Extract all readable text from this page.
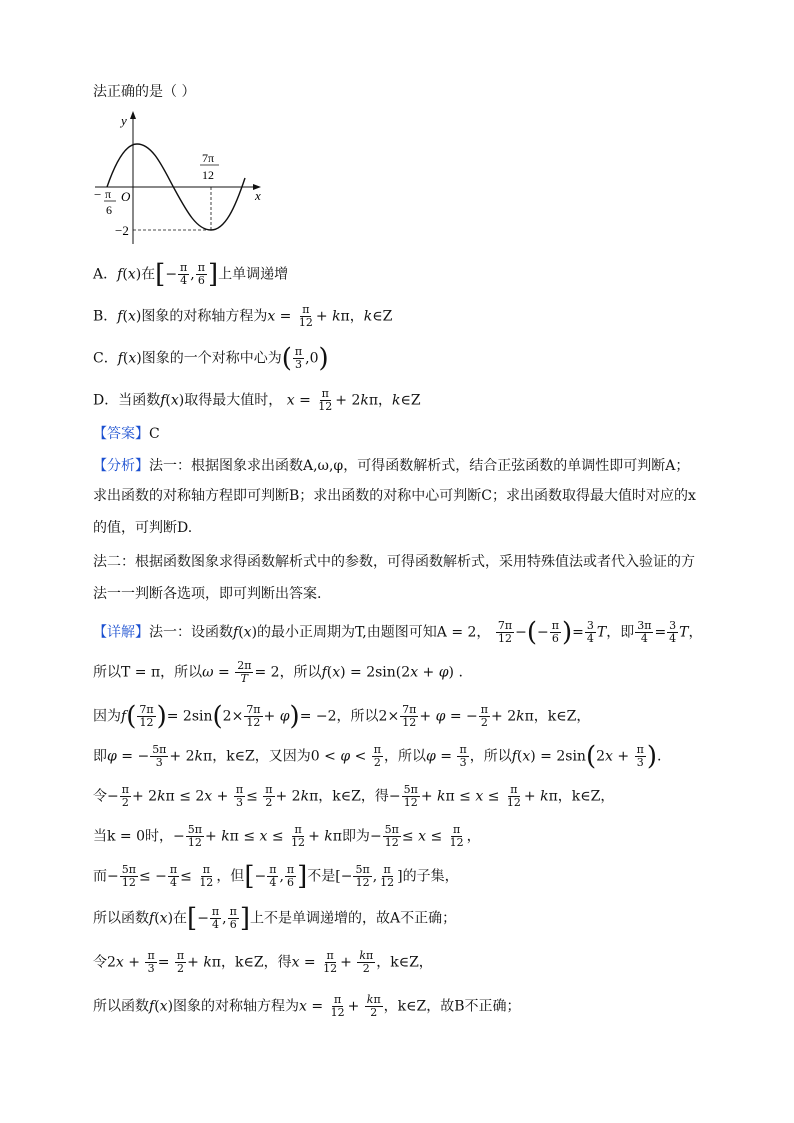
法正确的是（ ）
y
x
O
− π
6
7π
12
−2
A．f(x)在[− $\frac{\pi}{4}$ , $\frac{\pi}{6}$ ]上单调递增
B．f(x)图象的对称轴方程为$x = \frac{\pi}{12} + k\pi$，k∈Z
C．f(x)图象的一个对称中心为( $\frac{\pi}{3} ,0$)
D．当函数f(x)取得最大值时， $x = \frac{\pi}{12} + 2k\pi$，k∈Z
【答案】C
【分析】法一：根据图象求出函数A,ω,φ，可得函数解析式，结合正弦函数的单调性即可判断A；
求出函数的对称轴方程即可判断B；求出函数的对称中心可判断C；求出函数取得最大值时对应的x
的值，可判断D.
法二：根据函数图象求得函数解析式中的参数，可得函数解析式，采用特殊值法或者代入验证的方
法一一判断各选项，即可判断出答案.
【详解】法一：设函数f(x)的最小正周期为T,由题图可知A = 2， $\frac{7\pi}{12}$ −(− $\frac{\pi}{6}$ )= $\frac{3}{4}$ T，即 $\frac{3\pi}{4} = \frac{3}{4}$ T，
所以T = π，所以$\omega = \frac{2\pi}{T} = 2$，所以f(x) = 2sin(2x + φ) .
因为$f( \frac{7\pi}{12}$ )= $2\sin(2\times \frac{7\pi}{12} + \varphi)= -2$，所以$2\times \frac{7\pi}{12} + \varphi$ = − $\frac{\pi}{2} + 2k\pi$，k∈Z，
即φ = − $\frac{5\pi}{3} + 2k\pi$，k∈Z，又因为$0 < \varphi < \frac{\pi}{2}$ ，所以$\varphi = \frac{\pi}{3}$ ，所以$f(x) = 2\sin(2x + \frac{\pi}{3}$ ).
令− $\frac{\pi}{2} + 2k\pi \le 2x + \frac{\pi}{3} \le \frac{\pi}{2} + 2k\pi$，k∈Z，得− $\frac{5\pi}{12} + k\pi \le x \le \frac{\pi}{12} + k\pi$，k∈Z，
当k = 0时，− $\frac{5\pi}{12} + k\pi \le x \le \frac{\pi}{12} + k\pi$即为− $\frac{5\pi}{12} \le x \le \frac{\pi}{12}$ ，
而− $\frac{5\pi}{12}$ ≤ − $\frac{\pi}{4} \le \frac{\pi}{12}$ ，但[− $\frac{\pi}{4}$ , $\frac{\pi}{6}$ ]不是[− $\frac{5\pi}{12}$ , $\frac{\pi}{12}$ ]的子集，
所以函数f(x)在[− $\frac{\pi}{4}$ , $\frac{\pi}{6}$ ]上不是单调递增的，故A不正确；
令$2x + \frac{\pi}{3} = \frac{\pi}{2} + k\pi$，k∈Z，得$x = \frac{\pi}{12} + \frac{k\pi}{2}$ ，k∈Z，
所以函数f(x)图象的对称轴方程为$x = \frac{\pi}{12} + \frac{k\pi}{2}$ ，k∈Z，故B不正确；
